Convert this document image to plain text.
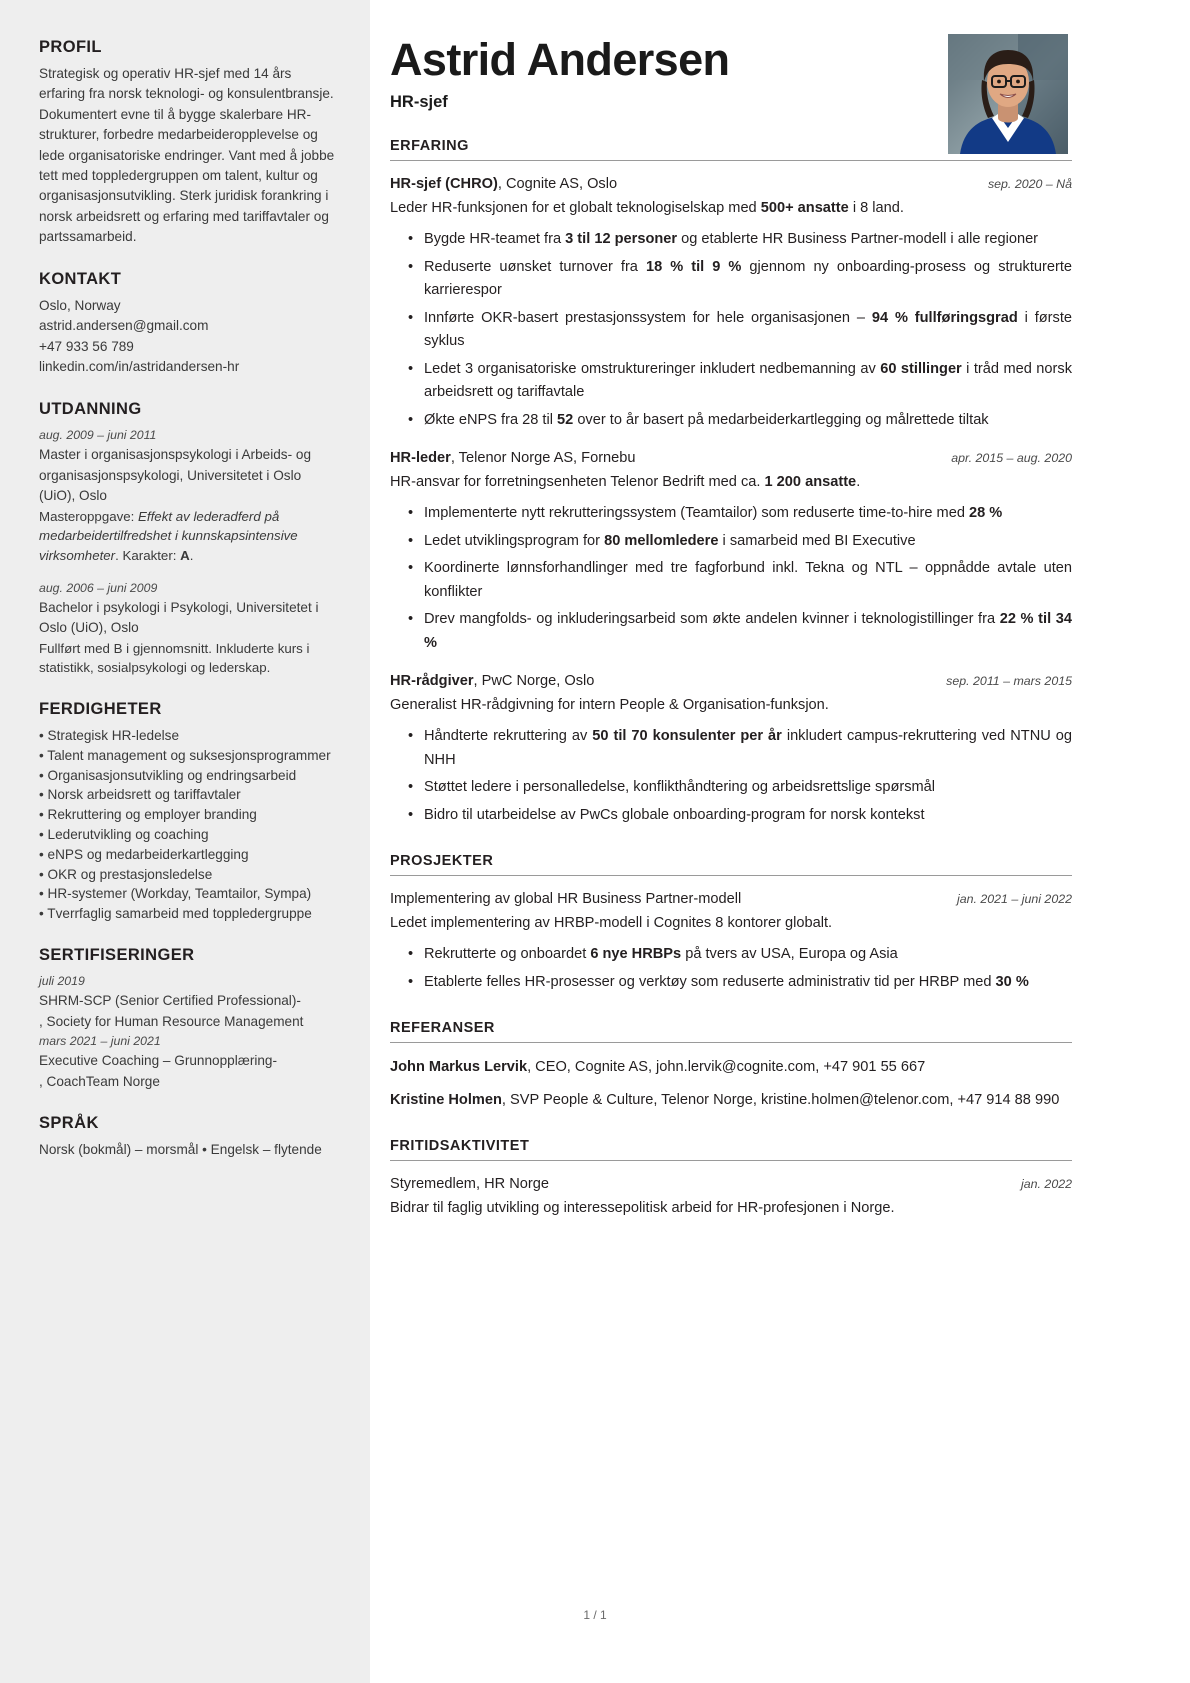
PROFIL

Strategisk og operativ HR-sjef med 14 års erfaring fra norsk teknologi- og konsulentbransje. Dokumentert evne til å bygge skalerbare HR-strukturer, forbedre medarbeideropplevelse og lede organisatoriske endringer. Vant med å jobbe tett med toppledergruppen om talent, kultur og organisasjonsutvikling. Sterk juridisk forankring i norsk arbeidsrett og erfaring med tariffavtaler og partssamarbeid.

KONTAKT
Oslo, Norway
astrid.andersen@gmail.com
+47 933 56 789
linkedin.com/in/astridandersen-hr
UTDANNING
aug. 2009 – juni 2011
Master i organisasjonspsykologi i Arbeids- og organisasjonspsykologi, Universitetet i Oslo (UiO), Oslo
Masteroppgave: Effekt av lederadferd på medarbeidertilfredshet i kunnskapsintensive virksomheter. Karakter: A.
aug. 2006 – juni 2009
Bachelor i psykologi i Psykologi, Universitetet i Oslo (UiO), Oslo
Fullført med B i gjennomsnitt. Inkluderte kurs i statistikk, sosialpsykologi og lederskap.
FERDIGHETER
• Strategisk HR-ledelse
• Talent management og suksesjonsprogrammer
• Organisasjonsutvikling og endringsarbeid
• Norsk arbeidsrett og tariffavtaler
• Rekruttering og employer branding
• Lederutvikling og coaching
• eNPS og medarbeiderkartlegging
• OKR og prestasjonsledelse
• HR-systemer (Workday, Teamtailor, Sympa)
• Tverrfaglig samarbeid med toppledergruppe
SERTIFISERINGER
juli 2019
SHRM-SCP (Senior Certified Professional)-
, Society for Human Resource Management
mars 2021 – juni 2021
Executive Coaching – Grunnopplæring-
, CoachTeam Norge
SPRÅK
Norsk (bokmål) – morsmål • Engelsk – flytende
Astrid Andersen
HR-sjef
ERFARING
HR-sjef (CHRO), Cognite AS, Oslo	sep. 2020 – Nå

Leder HR-funksjonen for et globalt teknologiselskap med 500+ ansatte i 8 land.

• Bygde HR-teamet fra 3 til 12 personer og etablerte HR Business Partner-modell i alle regioner
• Reduserte uønsket turnover fra 18 % til 9 % gjennom ny onboarding-prosess og strukturerte karrierespor
• Innførte OKR-basert prestasjonssystem for hele organisasjonen – 94 % fullføringsgrad i første syklus
• Ledet 3 organisatoriske omstruktureringer inkludert nedbemanning av 60 stillinger i tråd med norsk arbeidsrett og tariffavtale
• Økte eNPS fra 28 til 52 over to år basert på medarbeiderkartlegging og målrettede tiltak
HR-leder, Telenor Norge AS, Fornebu	apr. 2015 – aug. 2020

HR-ansvar for forretningsenheten Telenor Bedrift med ca. 1 200 ansatte.

• Implementerte nytt rekrutteringssystem (Teamtailor) som reduserte time-to-hire med 28 %
• Ledet utviklingsprogram for 80 mellomledere i samarbeid med BI Executive
• Koordinerte lønnsforhandlinger med tre fagforbund inkl. Tekna og NTL – oppnådde avtale uten konflikter
• Drev mangfolds- og inkluderingsarbeid som økte andelen kvinner i teknologistillinger fra 22 % til 34 %
HR-rådgiver, PwC Norge, Oslo	sep. 2011 – mars 2015

Generalist HR-rådgivning for intern People & Organisation-funksjon.

• Håndterte rekruttering av 50 til 70 konsulenter per år inkludert campus-rekruttering ved NTNU og NHH
• Støttet ledere i personalledelse, konflikthåndtering og arbeidsrettslige spørsmål
• Bidro til utarbeidelse av PwCs globale onboarding-program for norsk kontekst
PROSJEKTER
Implementering av global HR Business Partner-modell	jan. 2021 – juni 2022

Ledet implementering av HRBP-modell i Cognites 8 kontorer globalt.

• Rekrutterte og onboardet 6 nye HRBPs på tvers av USA, Europa og Asia
• Etablerte felles HR-prosesser og verktøy som reduserte administrativ tid per HRBP med 30 %
REFERANSER
John Markus Lervik, CEO, Cognite AS, john.lervik@cognite.com, +47 901 55 667
Kristine Holmen, SVP People & Culture, Telenor Norge, kristine.holmen@telenor.com, +47 914 88 990
FRITIDSAKTIVITET
Styremedlem, HR Norge	jan. 2022

Bidrar til faglig utvikling og interessepolitisk arbeid for HR-profesjonen i Norge.

1 / 1
